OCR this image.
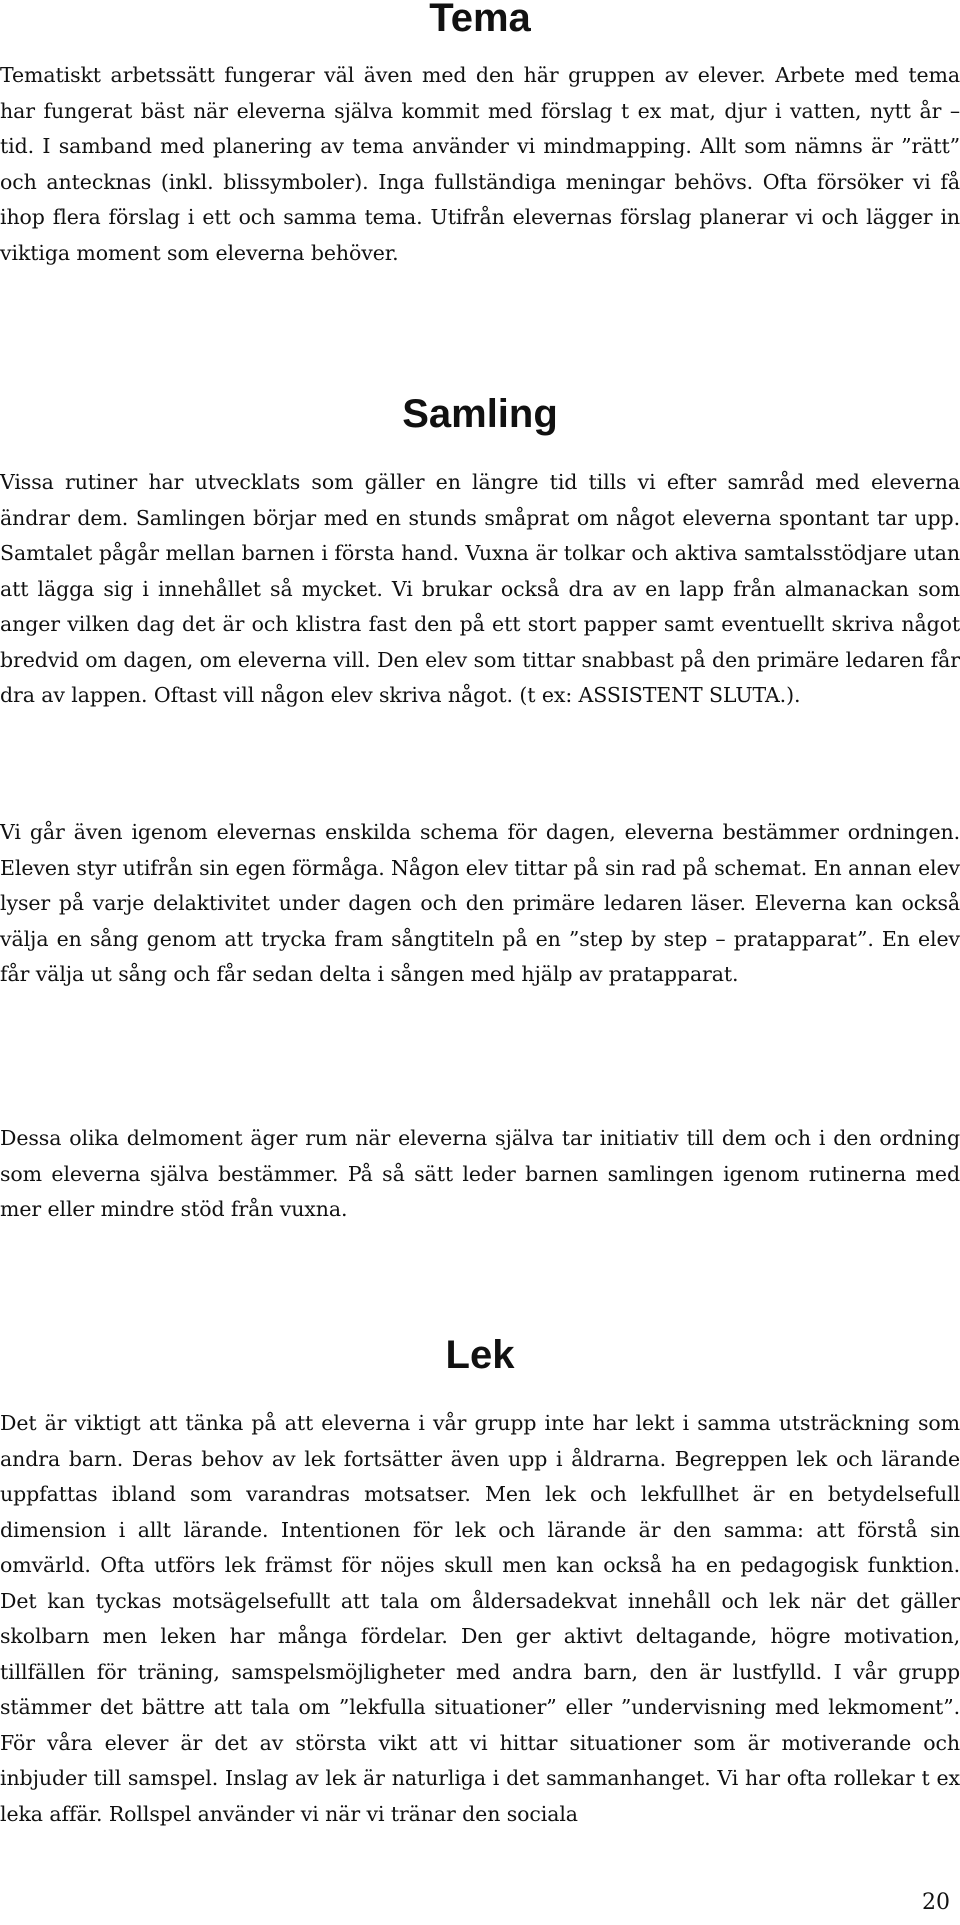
Tema

Tematiskt arbetssätt fungerar väl även med den här gruppen av elever. Arbete med tema har fungerat bäst när eleverna själva kommit med förslag t ex mat, djur i vatten, nytt år – tid. I samband med planering av tema använder vi mindmapping. Allt som nämns är ”rätt” och antecknas (inkl. blissymboler). Inga fullständiga meningar behövs. Ofta försöker vi få ihop flera förslag i ett och samma tema. Utifrån elevernas förslag planerar vi och lägger in viktiga moment som eleverna behöver.

Samling

Vissa rutiner har utvecklats som gäller en längre tid tills vi efter samråd med eleverna ändrar dem. Samlingen börjar med en stunds småprat om något eleverna spontant tar upp. Samtalet pågår mellan barnen i första hand. Vuxna är tolkar och aktiva samtalsstödjare utan att lägga sig i innehållet så mycket. Vi brukar också dra av en lapp från almanackan som anger vilken dag det är och klistra fast den på ett stort papper samt eventuellt skriva något bredvid om dagen, om eleverna vill. Den elev som tittar snabbast på den primäre ledaren får dra av lappen. Oftast vill någon elev skriva något. (t ex: ASSISTENT SLUTA.).

Vi går även igenom elevernas enskilda schema för dagen, eleverna bestämmer ordningen. Eleven styr utifrån sin egen förmåga. Någon elev tittar på sin rad på schemat. En annan elev lyser på varje delaktivitet under dagen och den primäre ledaren läser. Eleverna kan också välja en sång genom att trycka fram sångtiteln på en ”step by step – pratapparat”. En elev får välja ut sång och får sedan delta i sången med hjälp av pratapparat.

Dessa olika delmoment äger rum när eleverna själva tar initiativ till dem och i den ordning som eleverna själva bestämmer. På så sätt leder barnen samlingen igenom rutinerna med mer eller mindre stöd från vuxna.

Lek

Det är viktigt att tänka på att eleverna i vår grupp inte har lekt i samma utsträckning som andra barn. Deras behov av lek fortsätter även upp i åldrarna. Begreppen lek och lärande uppfattas ibland som varandras motsatser. Men lek och lekfullhet är en betydelsefull dimension i allt lärande. Intentionen för lek och lärande är den samma: att förstå sin omvärld. Ofta utförs lek främst för nöjes skull men kan också ha en pedagogisk funktion. Det kan tyckas motsägelsefullt att tala om åldersadekvat innehåll och lek när det gäller skolbarn men leken har många fördelar. Den ger aktivt deltagande, högre motivation, tillfällen för träning, samspelsmöjligheter med andra barn, den är lustfylld. I vår grupp stämmer det bättre att tala om ”lekfulla situationer” eller ”undervisning med lekmoment”. För våra elever är det av största vikt att vi hittar situationer som är motiverande och inbjuder till samspel. Inslag av lek är naturliga i det sammanhanget. Vi har ofta rollekar t ex leka affär. Rollspel använder vi när vi tränar den sociala

20
